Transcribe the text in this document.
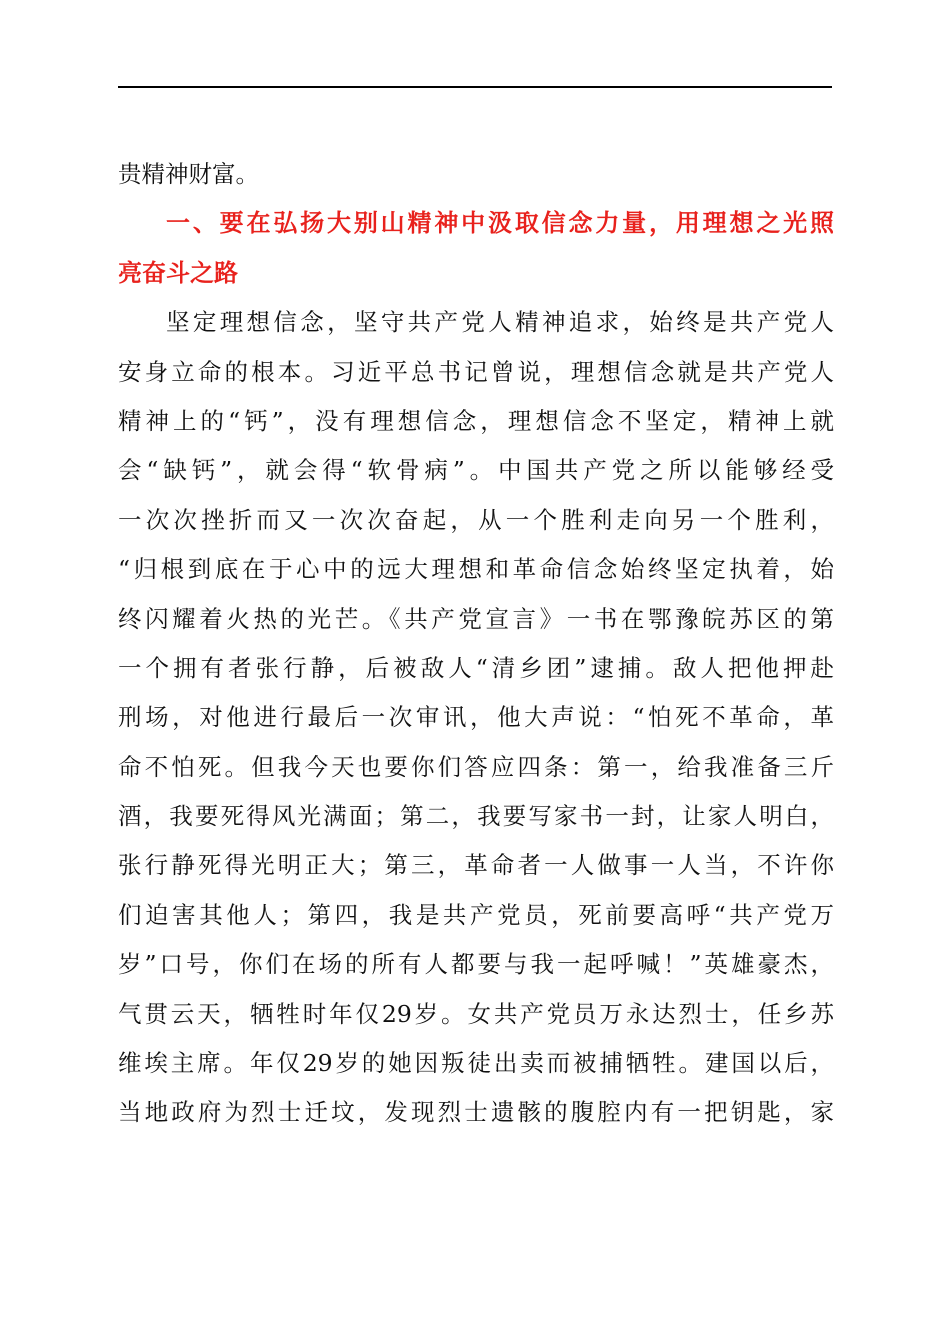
贵精神财富。
一、要在弘扬大别山精神中汲取信念力量，用理想之光照
亮奋斗之路
坚定理想信念，坚守共产党人精神追求，始终是共产党人
安身立命的根本。习近平总书记曾说，理想信念就是共产党人
精神上的“钙”，没有理想信念，理想信念不坚定，精神上就
会“缺钙”，就会得“软骨病”。中国共产党之所以能够经受
一次次挫折而又一次次奋起，从一个胜利走向另一个胜利，
“归根到底在于心中的远大理想和革命信念始终坚定执着，始
终闪耀着火热的光芒。《共产党宣言》一书在鄂豫皖苏区的第
一个拥有者张行静，后被敌人“清乡团”逮捕。敌人把他押赴
刑场，对他进行最后一次审讯，他大声说：“怕死不革命，革
命不怕死。但我今天也要你们答应四条：第一，给我准备三斤
酒，我要死得风光满面；第二，我要写家书一封，让家人明白，
张行静死得光明正大；第三，革命者一人做事一人当，不许你
们迫害其他人；第四，我是共产党员，死前要高呼“共产党万
岁”口号，你们在场的所有人都要与我一起呼喊！”英雄豪杰，
气贯云天，牺牲时年仅29岁。女共产党员万永达烈士，任乡苏
维埃主席。年仅29岁的她因叛徒出卖而被捕牺牲。建国以后，
当地政府为烈士迁坟，发现烈士遗骸的腹腔内有一把钥匙，家
